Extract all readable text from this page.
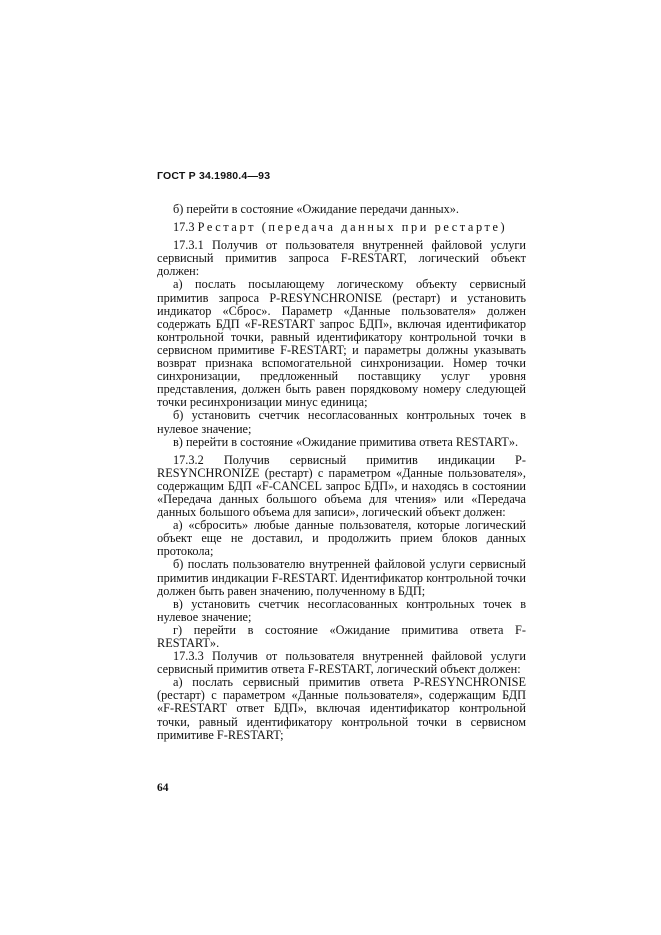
ГОСТ Р 34.1980.4—93

б) перейти в состояние «Ожидание передачи данных».

17.3 Рестарт (передача данных при рестарте)

17.3.1 Получив от пользователя внутренней файловой услуги сервисный примитив запроса F-RESTART, логический объект должен:

а) послать посылающему логическому объекту сервисный примитив запроса P-RESYNCHRONISE (рестарт) и установить индикатор «Сброс». Параметр «Данные пользователя» должен содержать БДП «F-RESTART запрос БДП», включая идентификатор контрольной точки, равный идентификатору контрольной точки в сервисном примитиве F-RESTART; и параметры должны указывать возврат признака вспомогательной синхронизации. Номер точки синхронизации, предложенный поставщику услуг уровня представления, должен быть равен порядковому номеру следующей точки ресинхронизации минус единица;

б) установить счетчик несогласованных контрольных точек в нулевое значение;

в) перейти в состояние «Ожидание примитива ответа RESTART».

17.3.2 Получив сервисный примитив индикации P-RESYNCHRONIZE (рестарт) с параметром «Данные пользователя», содержащим БДП «F-CANCEL запрос БДП», и находясь в состоянии «Передача данных большого объема для чтения» или «Передача данных большого объема для записи», логический объект должен:

а) «сбросить» любые данные пользователя, которые логический объект еще не доставил, и продолжить прием блоков данных протокола;

б) послать пользователю внутренней файловой услуги сервисный примитив индикации F-RESTART. Идентификатор контрольной точки должен быть равен значению, полученному в БДП;

в) установить счетчик несогласованных контрольных точек в нулевое значение;

г) перейти в состояние «Ожидание примитива ответа F-RESTART».

17.3.3 Получив от пользователя внутренней файловой услуги сервисный примитив ответа F-RESTART, логический объект должен:

а) послать сервисный примитив ответа P-RESYNCHRONISE (рестарт) с параметром «Данные пользователя», содержащим БДП «F-RESTART ответ БДП», включая идентификатор контрольной точки, равный идентификатору контрольной точки в сервисном примитиве F-RESTART;

64
